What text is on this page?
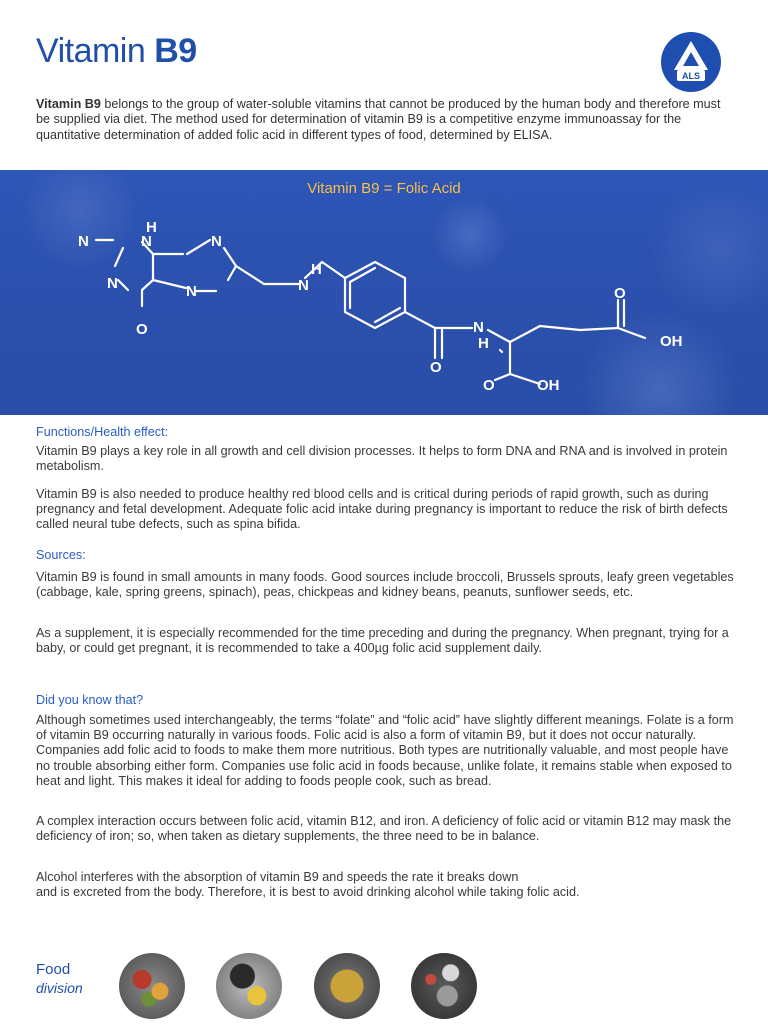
Vitamin B9
ALS
Vitamin B9 belongs to the group of water-soluble vitamins that cannot be produced by the human body and therefore must be supplied via diet. The method used for determination of vitamin B9 is a competitive enzyme immunoassay for the quantitative determination of added folic acid in different types of food, determined by ELISA.
Vitamin B9 = Folic Acid
N
H
N
N
O
N
N
H
N
N
H
O
O	OH
O
OH
Functions/Health effect:
Vitamin B9 plays a key role in all growth and cell division processes. It helps to form DNA and RNA and is involved in protein metabolism.
Vitamin B9 is also needed to produce healthy red blood cells and is critical during periods of rapid growth, such as during pregnancy and fetal development. Adequate folic acid intake during pregnancy is important to reduce the risk of birth defects called neural tube defects, such as spina bifida.
Sources:
Vitamin B9 is found in small amounts in many foods. Good sources include broccoli, Brussels sprouts, leafy green vegetables (cabbage, kale, spring greens, spinach), peas, chickpeas and kidney beans, peanuts, sunflower seeds, etc.
As a supplement, it is especially recommended for the time preceding and during the pregnancy. When pregnant, trying for a baby, or could get pregnant, it is recommended to take a 400µg folic acid supplement daily.
Did you know that?
Although sometimes used interchangeably, the terms “folate” and “folic acid” have slightly different meanings. Folate is a form of vitamin B9 occurring naturally in various foods. Folic acid is also a form of vitamin B9, but it does not occur naturally. Companies add folic acid to foods to make them more nutritious. Both types are nutritionally valuable, and most people have no trouble absorbing either form. Companies use folic acid in foods because, unlike folate, it remains stable when exposed to heat and light. This makes it ideal for adding to foods people cook, such as bread.
A complex interaction occurs between folic acid, vitamin B12, and iron. A deficiency of folic acid or vitamin B12 may mask the deficiency of iron; so, when taken as dietary supplements, the three need to be in balance.
Alcohol interferes with the absorption of vitamin B9 and speeds the rate it breaks down
and is excreted from the body. Therefore, it is best to avoid drinking alcohol while taking folic acid.
Food
division
